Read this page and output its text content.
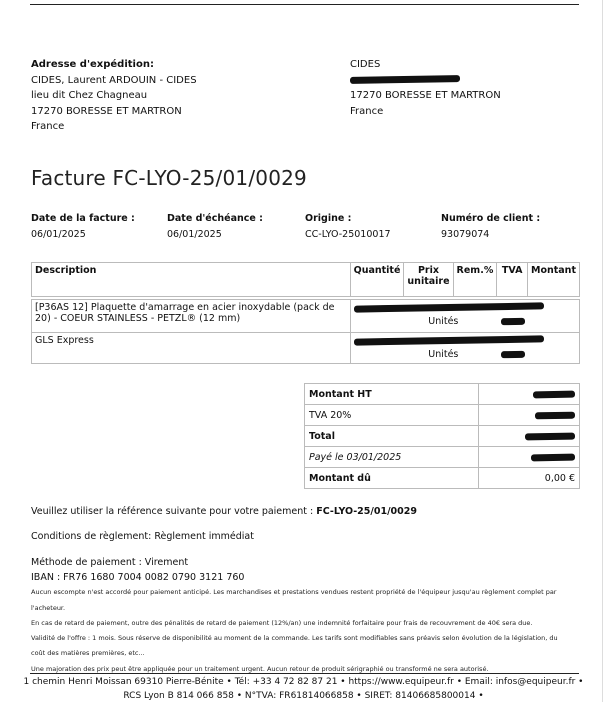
Adresse d'expédition:
CIDES, Laurent ARDOUIN - CIDES
lieu dit Chez Chagneau
17270 BORESSE ET MARTRON
France
CIDES
17270 BORESSE ET MARTRON
France
Facture FC-LYO-25/01/0029
Date de la facture :
06/01/2025
Date d'échéance :
06/01/2025
Origine :
CC-LYO-25010017
Numéro de client :
93079074
Description	Quantité	Prix unitaire	Rem.%	TVA	Montant

[P36AS 12] Plaquette d'amarrage en acier inoxydable (pack de 20) - COEUR STAINLESS - PETZL® (12 mm)	Unités				

GLS Express	Unités				
Montant HT	
TVA 20%	
Total	
Payé le 03/01/2025	
Montant dû	0,00 €
Veuillez utiliser la référence suivante pour votre paiement : FC-LYO-25/01/0029
Conditions de règlement: Règlement immédiat
Méthode de paiement : Virement
IBAN : FR76 1680 7004 0082 0790 3121 760
Aucun escompte n'est accordé pour paiement anticipé. Les marchandises et prestations vendues restent propriété de l'équipeur jusqu'au règlement complet par
l'acheteur.
En cas de retard de paiement, outre des pénalités de retard de paiement (12%/an) une indemnité forfaitaire pour frais de recouvrement de 40€ sera due.
Validité de l'offre : 1 mois. Sous réserve de disponibilité au moment de la commande. Les tarifs sont modifiables sans préavis selon évolution de la législation, du
coût des matières premières, etc...
Une majoration des prix peut être appliquée pour un traitement urgent. Aucun retour de produit sérigraphié ou transformé ne sera autorisé.
1 chemin Henri Moissan 69310 Pierre-Bénite • Tél: +33 4 72 82 87 21 • https://www.equipeur.fr • Email: infos@equipeur.fr •
RCS Lyon B 814 066 858 • N°TVA: FR61814066858 • SIRET: 81406685800014 •
